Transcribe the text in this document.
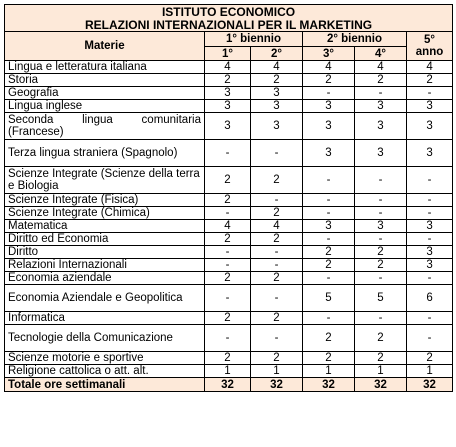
ISTITUTO ECONOMICO					
RELAZIONI INTERNAZIONALI PER IL MARKETING					
Materie	1° biennio		2° biennio		5° anno
	1°	2°	3°	4°	
Lingua e letteratura italiana	4	4	4	4	4
Storia	2	2	2	2	2
Geografia	3	3	-	-	-
Lingua inglese	3	3	3	3	3
Seconda lingua comunitaria (Francese)	3	3	3	3	3
Terza lingua straniera (Spagnolo)	-	-	3	3	3
Scienze Integrate (Scienze della terra e Biologia	2	2	-	-	-
Scienze Integrate (Fisica)	2	-	-	-	-
Scienze Integrate (Chimica)	-	2	-	-	-
Matematica	4	4	3	3	3
Diritto ed Economia	2	2	-	-	-
Diritto	-	-	2	2	3
Relazioni Internazionali	-	-	2	2	3
Economia aziendale	2	2	-	-	-
Economia Aziendale e Geopolitica	-	-	5	5	6
Informatica	2	2	-	-	-
Tecnologie della Comunicazione	-	-	2	2	-
Scienze motorie e sportive	2	2	2	2	2
Religione cattolica o att. alt.	1	1	1	1	1
Totale ore settimanali	32	32	32	32	32
